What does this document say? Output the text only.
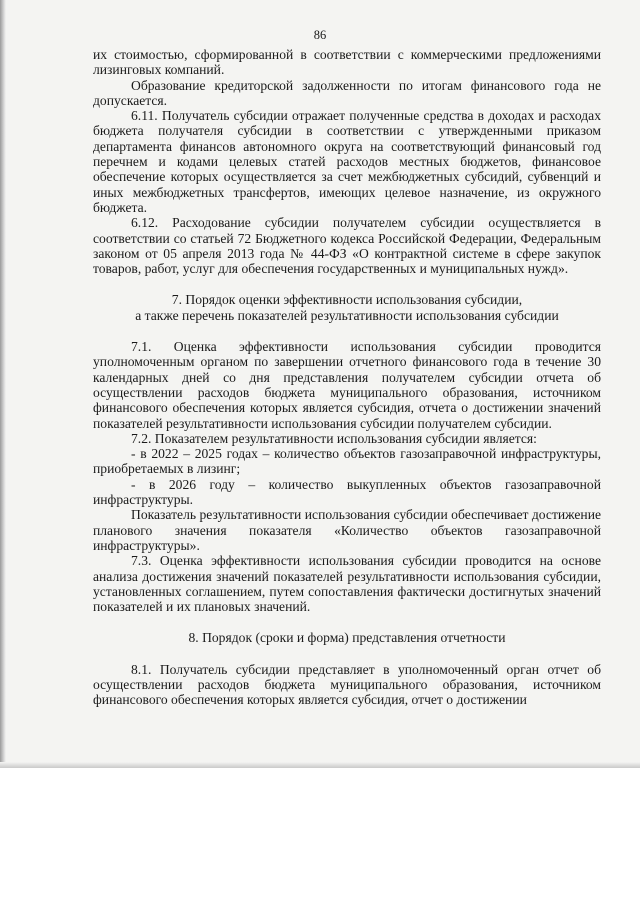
86

их стоимостью, сформированной в соответствии с коммерческими предложениями лизинговых компаний.

Образование кредиторской задолженности по итогам финансового года не допускается.

6.11. Получатель субсидии отражает полученные средства в доходах и расходах бюджета получателя субсидии в соответствии с утвержденными приказом департамента финансов автономного округа на соответствующий финансовый год перечнем и кодами целевых статей расходов местных бюджетов, финансовое обеспечение которых осуществляется за счет межбюджетных субсидий, субвенций и иных межбюджетных трансфертов, имеющих целевое назначение, из окружного бюджета.

6.12. Расходование субсидии получателем субсидии осуществляется в соответствии со статьей 72 Бюджетного кодекса Российской Федерации, Федеральным законом от 05 апреля 2013 года № 44-ФЗ «О контрактной системе в сфере закупок товаров, работ, услуг для обеспечения государственных и муниципальных нужд».

7. Порядок оценки эффективности использования субсидии,

а также перечень показателей результативности использования субсидии

7.1. Оценка эффективности использования субсидии проводится уполномоченным органом по завершении отчетного финансового года в течение 30 календарных дней со дня представления получателем субсидии отчета об осуществлении расходов бюджета муниципального образования, источником финансового обеспечения которых является субсидия, отчета о достижении значений показателей результативности использования субсидии получателем субсидии.

7.2. Показателем результативности использования субсидии является:

- в 2022 – 2025 годах – количество объектов газозаправочной инфраструктуры, приобретаемых в лизинг;

- в 2026 году – количество выкупленных объектов газозаправочной инфраструктуры.

Показатель результативности использования субсидии обеспечивает достижение планового значения показателя «Количество объектов газозаправочной инфраструктуры».

7.3. Оценка эффективности использования субсидии проводится на основе анализа достижения значений показателей результативности использования субсидии, установленных соглашением, путем сопоставления фактически достигнутых значений показателей и их плановых значений.

8. Порядок (сроки и форма) представления отчетности

8.1. Получатель субсидии представляет в уполномоченный орган отчет об осуществлении расходов бюджета муниципального образования, источником финансового обеспечения которых является субсидия, отчет о достижении
